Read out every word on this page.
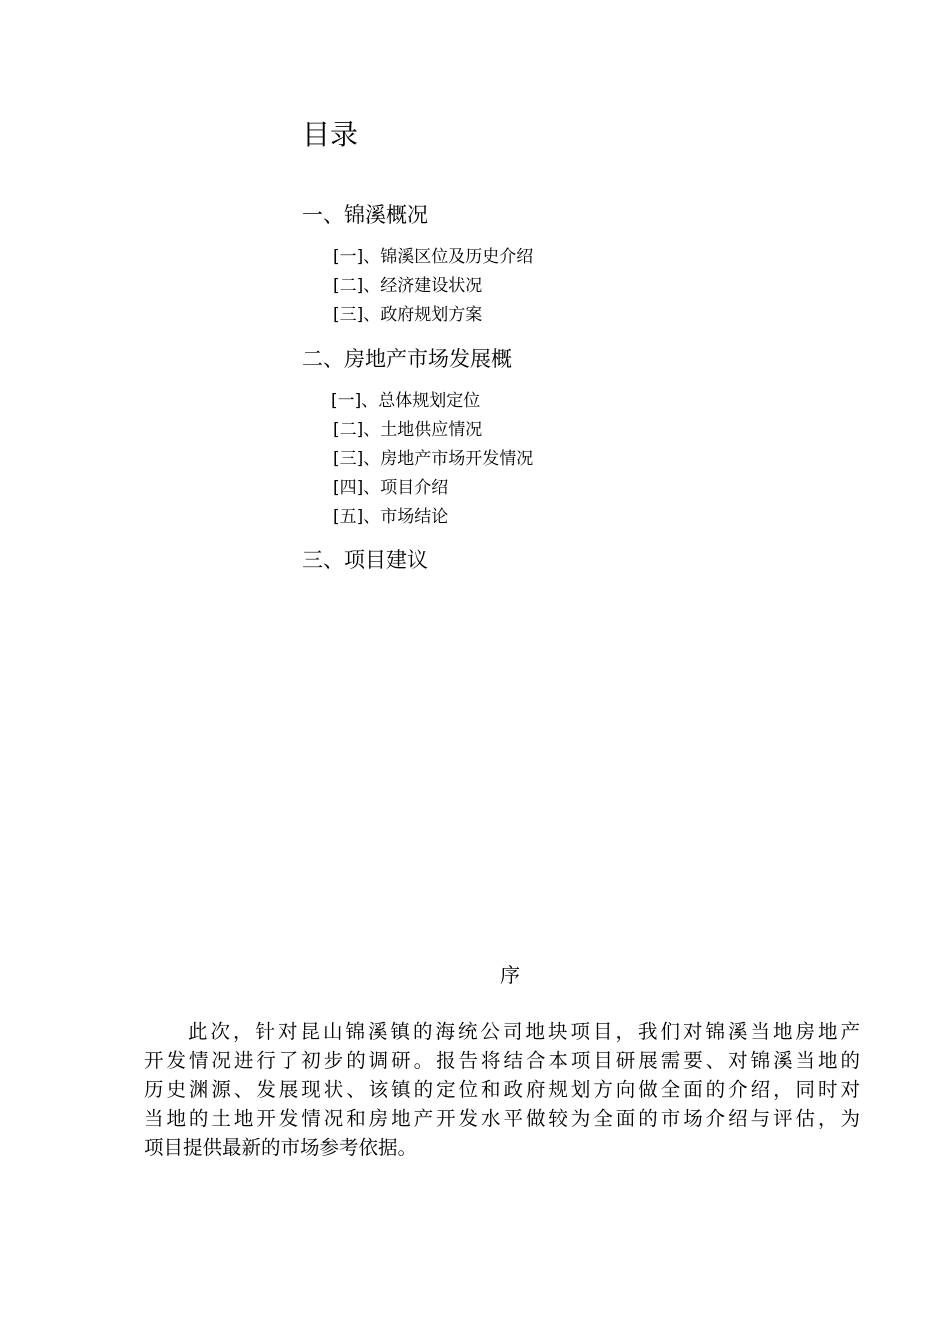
目录
一、锦溪概况
[一]、锦溪区位及历史介绍
[二]、经济建设状况
[三]、政府规划方案
二、房地产市场发展概
[一]、总体规划定位
[二]、土地供应情况
[三]、房地产市场开发情况
[四]、项目介绍
[五]、市场结论
三、项目建议
序

此次，针对昆山锦溪镇的海统公司地块项目，我们对锦溪当地房地产
开发情况进行了初步的调研。报告将结合本项目研展需要、对锦溪当地的
历史渊源、发展现状、该镇的定位和政府规划方向做全面的介绍，同时对
当地的土地开发情况和房地产开发水平做较为全面的市场介绍与评估，为
项目提供最新的市场参考依据。
